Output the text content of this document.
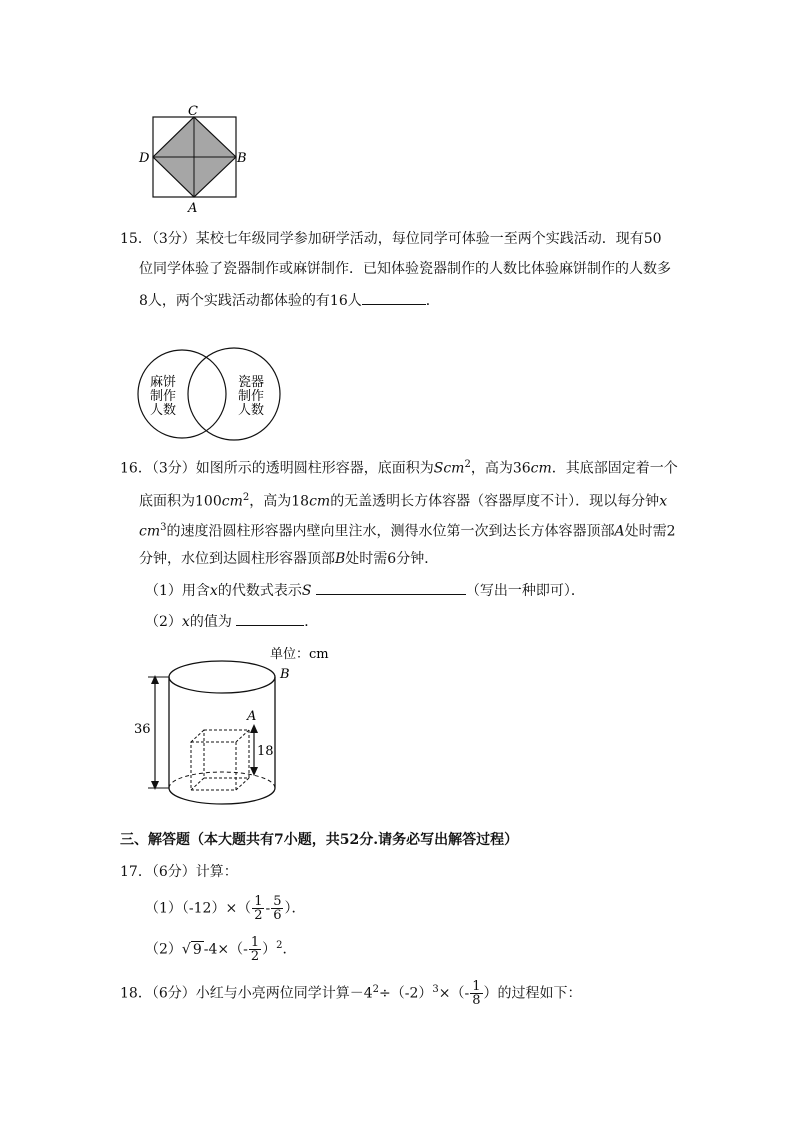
C
B
D
A
15．（3分）某校七年级同学参加研学活动，每位同学可体验一至两个实践活动．现有50
位同学体验了瓷器制作或麻饼制作．已知体验瓷器制作的人数比体验麻饼制作的人数多
8人，两个实践活动都体验的有16人	．
麻饼
制作
人数
瓷器
制作
人数
16．（3分）如图所示的透明圆柱形容器，底面积为Scm$^2$，高为36cm．其底部固定着一个
底面积为$100cm^2$，高为18cm的无盖透明长方体容器（容器厚度不计）．现以每分钟x
$cm^3$的速度沿圆柱形容器内壁向里注水，测得水位第一次到达长方体容器顶部A处时需2
分钟，水位到达圆柱形容器顶部B处时需6分钟．
（1）用含x的代数式表示S	（写出一种即可）．
（2）x的值为	．
单位：cm
B
36
A
18
三、解答题（本大题共有7小题，共52分.请务必写出解答过程）
17．（6分）计算：
$(1)(-12)\times( \frac{1}{2} - \frac{5}{6}$ ）．
（2）√ 9 $-4\times(- \frac{1}{2} )^2$．
18．（6分）小红与小亮两位同学计算$-4^2\div(-2)^3\times(- \frac{1}{8}$ ）的过程如下：
